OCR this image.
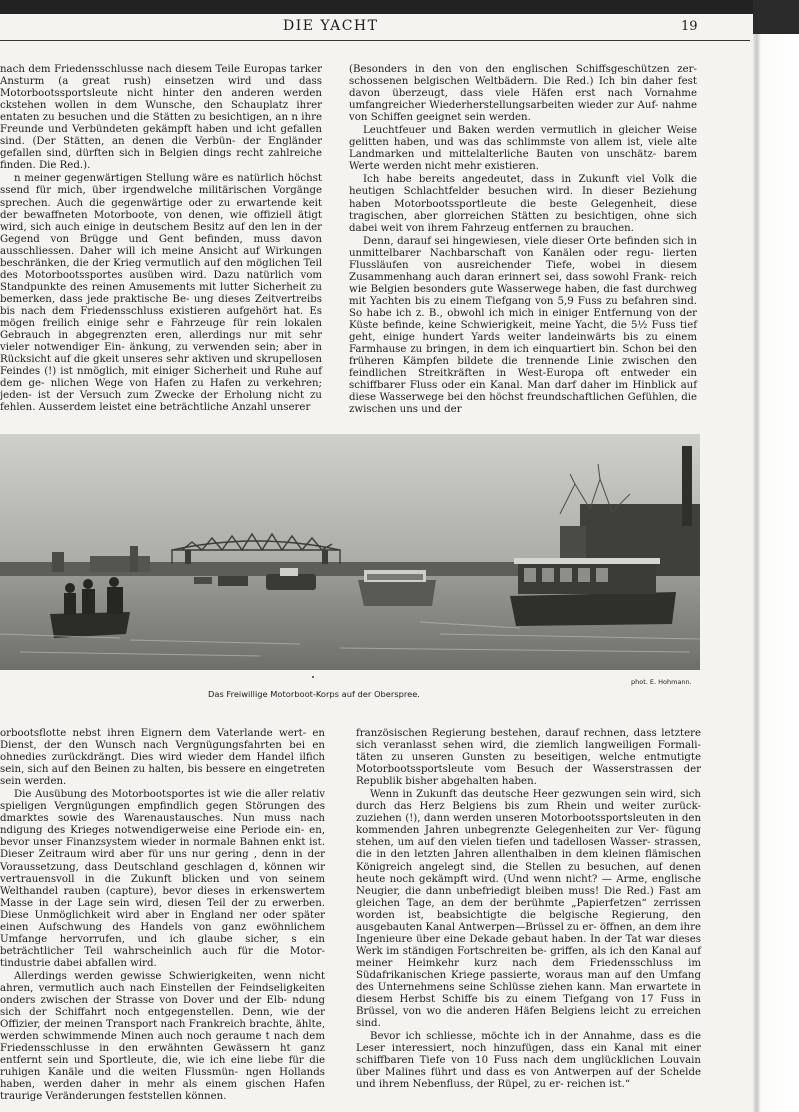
DIE YACHT	19

nach dem Friedensschlusse nach diesem Teile Europas tarker Ansturm (a great rush) einsetzen wird und dass Motorbootssportsleute nicht hinter den anderen werden ckstehen wollen in dem Wunsche, den Schauplatz ihrer entaten zu besuchen und die Stätten zu besichtigen, an n ihre Freunde und Verbündeten gekämpft haben und icht gefallen sind. (Der Stätten, an denen die Verbün- der Engländer gefallen sind, dürften sich in Belgien dings recht zahlreiche finden. Die Red.).

n meiner gegenwärtigen Stellung wäre es natürlich höchst ssend für mich, über irgendwelche militärischen Vorgänge sprechen. Auch die gegenwärtige oder zu erwartende keit der bewaffneten Motorboote, von denen, wie offiziell ätigt wird, sich auch einige in deutschem Besitz auf den len in der Gegend von Brügge und Gent befinden, muss davon ausschliessen. Daher will ich meine Ansicht auf Wirkungen beschränken, die der Krieg vermutlich auf den möglichen Teil des Motorbootssportes ausüben wird. Dazu natürlich vom Standpunkte des reinen Amusements mit lutter Sicherheit zu bemerken, dass jede praktische Be- ung dieses Zeitvertreibs bis nach dem Friedensschluss existieren aufgehört hat. Es mögen freilich einige sehr e Fahrzeuge für rein lokalen Gebrauch in abgegrenzten eren, allerdings nur mit sehr vieler notwendiger Ein- änkung, zu verwenden sein; aber in Rücksicht auf die gkeit unseres sehr aktiven und skrupellosen Feindes (!) ist nmöglich, mit einiger Sicherheit und Ruhe auf dem ge- nlichen Wege von Hafen zu Hafen zu verkehren; jeden- ist der Versuch zum Zwecke der Erholung nicht zu fehlen. Ausserdem leistet eine beträchtliche Anzahl unserer

(Besonders in den von den englischen Schiffsgeschützen zer- schossenen belgischen Weltbädern. Die Red.) Ich bin daher fest davon überzeugt, dass viele Häfen erst nach Vornahme umfangreicher Wiederherstellungsarbeiten wieder zur Auf- nahme von Schiffen geeignet sein werden.

Leuchtfeuer und Baken werden vermutlich in gleicher Weise gelitten haben, und was das schlimmste von allem ist, viele alte Landmarken und mittelalterliche Bauten von unschätz- barem Werte werden nicht mehr existieren.

Ich habe bereits angedeutet, dass in Zukunft viel Volk die heutigen Schlachtfelder besuchen wird. In dieser Beziehung haben Motorbootssportleute die beste Gelegenheit, diese tragischen, aber glorreichen Stätten zu besichtigen, ohne sich dabei weit von ihrem Fahrzeug entfernen zu brauchen.

Denn, darauf sei hingewiesen, viele dieser Orte befinden sich in unmittelbarer Nachbarschaft von Kanälen oder regu- lierten Flussläufen von ausreichender Tiefe, wobei in diesem Zusammenhang auch daran erinnert sei, dass sowohl Frank- reich wie Belgien besonders gute Wasserwege haben, die fast durchweg mit Yachten bis zu einem Tiefgang von 5,9 Fuss zu befahren sind. So habe ich z. B., obwohl ich mich in einiger Entfernung von der Küste befinde, keine Schwierigkeit, meine Yacht, die 5½ Fuss tief geht, einige hundert Yards weiter landeinwärts bis zu einem Farmhause zu bringen, in dem ich einquartiert bin. Schon bei den früheren Kämpfen bildete die trennende Linie zwischen den feindlichen Streitkräften in West-Europa oft entweder ein schiffbarer Fluss oder ein Kanal. Man darf daher im Hinblick auf diese Wasserwege bei den höchst freundschaftlichen Gefühlen, die zwischen uns und der

phot. E. Hohmann.
Das Freiwillige Motorboot-Korps auf der Oberspree.

orbootsflotte nebst ihren Eignern dem Vaterlande wert- en Dienst, der den Wunsch nach Vergnügungsfahrten bei en ohnedies zurückdrängt. Dies wird wieder dem Handel ilfich sein, sich auf den Beinen zu halten, bis bessere en eingetreten sein werden.

Die Ausübung des Motorbootsportes ist wie die aller relativ spieligen Vergnügungen empfindlich gegen Störungen des dmarktes sowie des Warenaustausches. Nun muss nach ndigung des Krieges notwendigerweise eine Periode ein- en, bevor unser Finanzsystem wieder in normale Bahnen enkt ist. Dieser Zeitraum wird aber für uns nur gering , denn in der Voraussetzung, dass Deutschland geschlagen d, können wir vertrauensvoll in die Zukunft blicken und von seinem Welthandel rauben (capture), bevor dieses in erkenswertem Masse in der Lage sein wird, diesen Teil der zu erwerben. Diese Unmöglichkeit wird aber in England ner oder später einen Aufschwung des Handels von ganz ewöhnlichem Umfange hervorrufen, und ich glaube sicher, s ein beträchtlicher Teil wahrscheinlich auch für die Motor- tindustrie dabei abfallen wird.

Allerdings werden gewisse Schwierigkeiten, wenn nicht ahren, vermutlich auch nach Einstellen der Feindseligkeiten onders zwischen der Strasse von Dover und der Elb- ndung sich der Schiffahrt noch entgegenstellen. Denn, wie der Offizier, der meinen Transport nach Frankreich brachte, ählte, werden schwimmende Minen auch noch geraume t nach dem Friedensschlusse in den erwähnten Gewässern ht ganz entfernt sein und Sportleute, die, wie ich eine liebe für die ruhigen Kanäle und die weiten Flussmün- ngen Hollands haben, werden daher in mehr als einem gischen Hafen traurige Veränderungen feststellen können.

französischen Regierung bestehen, darauf rechnen, dass letztere sich veranlasst sehen wird, die ziemlich langweiligen Formali- täten zu unseren Gunsten zu beseitigen, welche entmutigte Motorbootssportsleute vom Besuch der Wasserstrassen der Republik bisher abgehalten haben.

Wenn in Zukunft das deutsche Heer gezwungen sein wird, sich durch das Herz Belgiens bis zum Rhein und weiter zurück- zuziehen (!), dann werden unseren Motorbootssportsleuten in den kommenden Jahren unbegrenzte Gelegenheiten zur Ver- fügung stehen, um auf den vielen tiefen und tadellosen Wasser- strassen, die in den letzten Jahren allenthalben in dem kleinen flämischen Königreich angelegt sind, die Stellen zu besuchen, auf denen heute noch gekämpft wird. (Und wenn nicht? — Arme, englische Neugier, die dann unbefriedigt bleiben muss! Die Red.) Fast am gleichen Tage, an dem der berühmte „Papierfetzen“ zerrissen worden ist, beabsichtigte die belgische Regierung, den ausgebauten Kanal Antwerpen—Brüssel zu er- öffnen, an dem ihre Ingenieure über eine Dekade gebaut haben. In der Tat war dieses Werk im ständigen Fortschreiten be- griffen, als ich den Kanal auf meiner Heimkehr kurz nach dem Friedensschluss im Südafrikanischen Kriege passierte, woraus man auf den Umfang des Unternehmens seine Schlüsse ziehen kann. Man erwartete in diesem Herbst Schiffe bis zu einem Tiefgang von 17 Fuss in Brüssel, von wo die anderen Häfen Belgiens leicht zu erreichen sind.

Bevor ich schliesse, möchte ich in der Annahme, dass es die Leser interessiert, noch hinzufügen, dass ein Kanal mit einer schiffbaren Tiefe von 10 Fuss nach dem unglücklichen Louvain über Malines führt und dass es von Antwerpen auf der Schelde und ihrem Nebenfluss, der Rüpel, zu er- reichen ist.“
